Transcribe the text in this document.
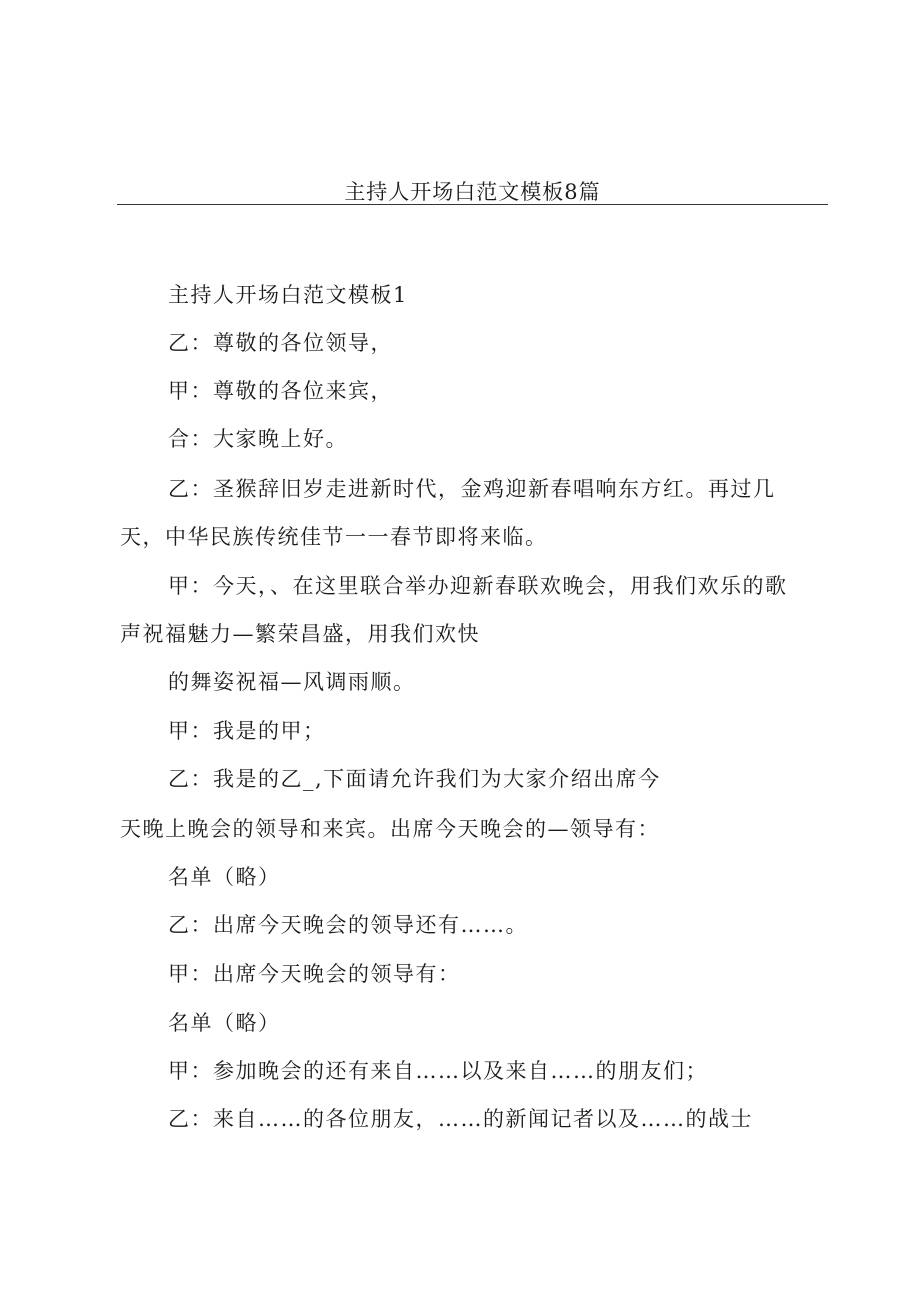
主持人开场白范文模板8篇
主持人开场白范文模板1
乙：尊敬的各位领导，
甲：尊敬的各位来宾，
合：大家晚上好。
乙：圣猴辞旧岁走进新时代，金鸡迎新春唱响东方红。再过几
天，中华民族传统佳节一一春节即将来临。
甲：今天，、在这里联合举办迎新春联欢晚会，用我们欢乐的歌
声祝福魅力—繁荣昌盛，用我们欢快
的舞姿祝福—风调雨顺。
甲：我是的甲；
乙：我是的乙_,下面请允许我们为大家介绍出席今
天晚上晚会的领导和来宾。出席今天晚会的—领导有：
名单（略）
乙：出席今天晚会的领导还有……。
甲：出席今天晚会的领导有：
名单（略）
甲：参加晚会的还有来自……以及来自……的朋友们；
乙：来自……的各位朋友，……的新闻记者以及……的战士
